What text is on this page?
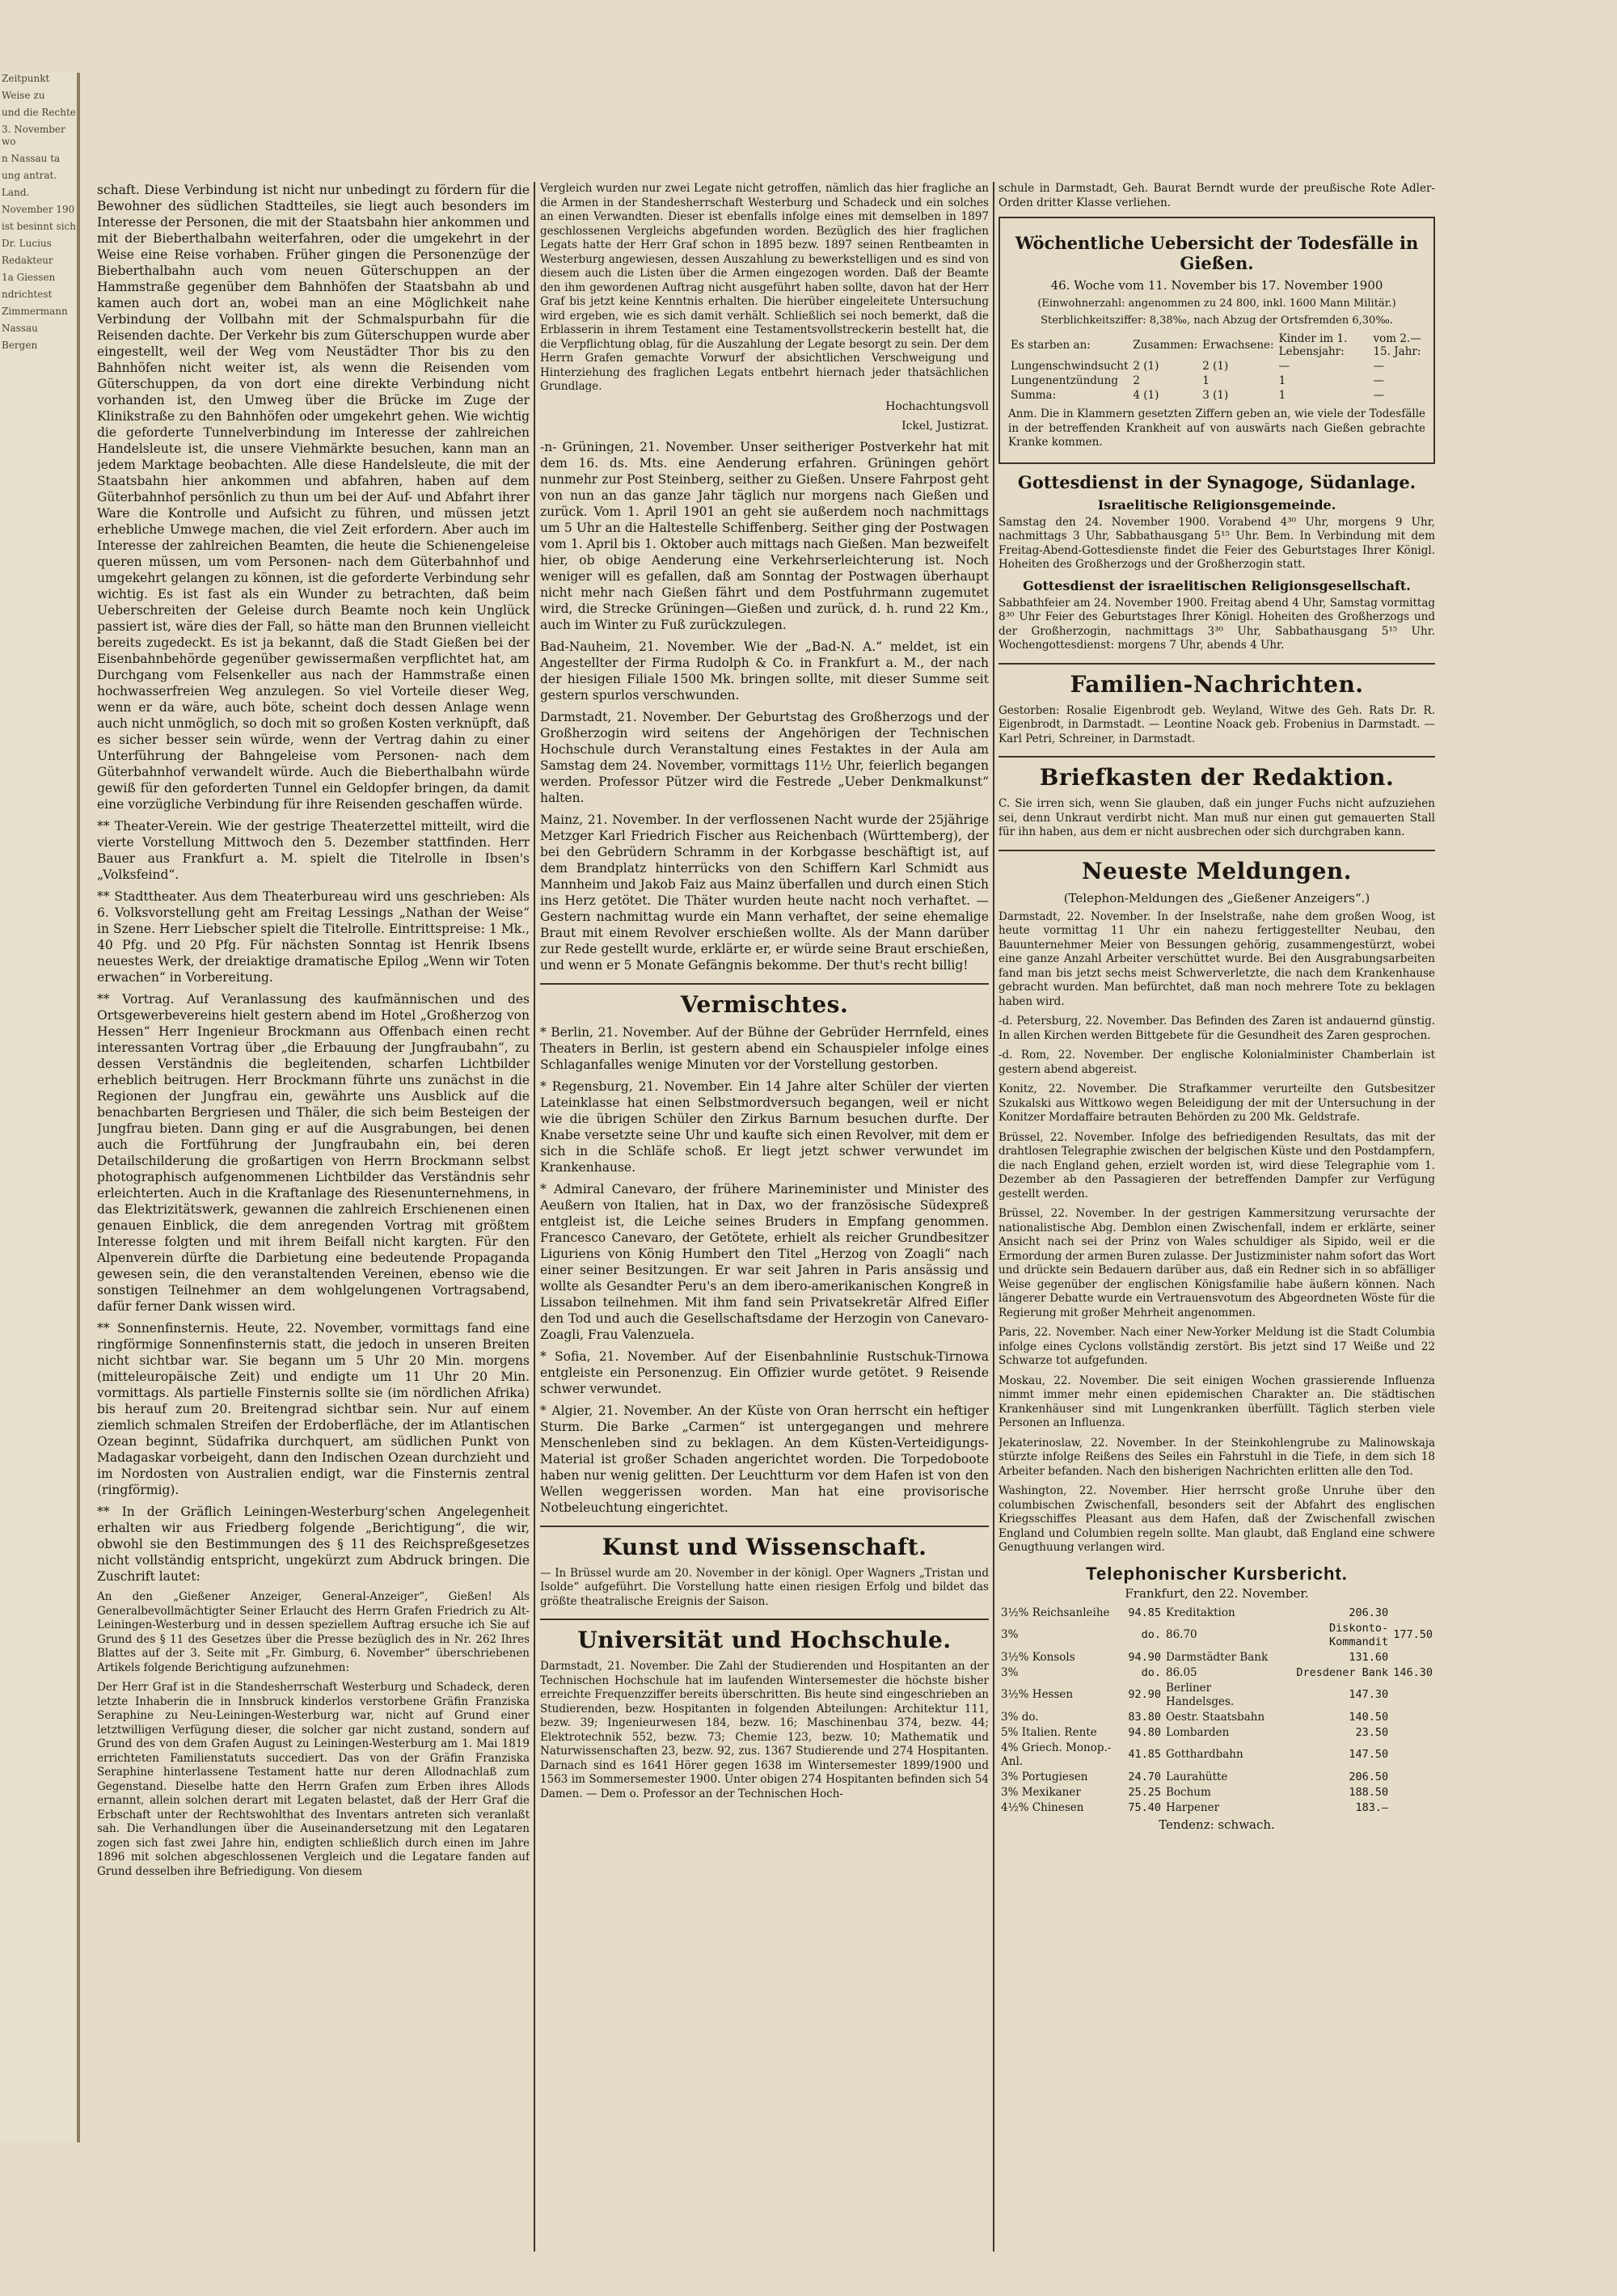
Zeitpunkt

Weise zu

und die Rechte

3. November wo

n Nassau ta

ung antrat.

Land.

November 190

ist besinnt sich

Dr. Lucius

Redakteur

1a Giessen

ndrichtest

Zimmermann

Nassau

Bergen

schaft. Diese Verbindung ist nicht nur unbedingt zu fördern für die Bewohner des südlichen Stadtteiles, sie liegt auch besonders im Interesse der Personen, die mit der Staatsbahn hier ankommen und mit der Bieberthalbahn weiterfahren, oder die umgekehrt in der Weise eine Reise vorhaben. Früher gingen die Personenzüge der Bieberthalbahn auch vom neuen Güterschuppen an der Hammstraße gegenüber dem Bahnhöfen der Staatsbahn ab und kamen auch dort an, wobei man an eine Möglichkeit nahe Verbindung der Vollbahn mit der Schmalspurbahn für die Reisenden dachte. Der Verkehr bis zum Güterschuppen wurde aber eingestellt, weil der Weg vom Neustädter Thor bis zu den Bahnhöfen nicht weiter ist, als wenn die Reisenden vom Güterschuppen, da von dort eine direkte Verbindung nicht vorhanden ist, den Umweg über die Brücke im Zuge der Klinikstraße zu den Bahnhöfen oder umgekehrt gehen. Wie wichtig die geforderte Tunnelverbindung im Interesse der zahlreichen Handelsleute ist, die unsere Viehmärkte besuchen, kann man an jedem Marktage beobachten. Alle diese Handelsleute, die mit der Staatsbahn hier ankommen und abfahren, haben auf dem Güterbahnhof persönlich zu thun um bei der Auf- und Abfahrt ihrer Ware die Kontrolle und Aufsicht zu führen, und müssen jetzt erhebliche Umwege machen, die viel Zeit erfordern. Aber auch im Interesse der zahlreichen Beamten, die heute die Schienengeleise queren müssen, um vom Personen- nach dem Güterbahnhof und umgekehrt gelangen zu können, ist die geforderte Verbindung sehr wichtig. Es ist fast als ein Wunder zu betrachten, daß beim Ueberschreiten der Geleise durch Beamte noch kein Unglück passiert ist, wäre dies der Fall, so hätte man den Brunnen vielleicht bereits zugedeckt. Es ist ja bekannt, daß die Stadt Gießen bei der Eisenbahnbehörde gegenüber gewissermaßen verpflichtet hat, am Durchgang vom Felsenkeller aus nach der Hammstraße einen hochwasserfreien Weg anzulegen. So viel Vorteile dieser Weg, wenn er da wäre, auch böte, scheint doch dessen Anlage wenn auch nicht unmöglich, so doch mit so großen Kosten verknüpft, daß es sicher besser sein würde, wenn der Vertrag dahin zu einer Unterführung der Bahngeleise vom Personen- nach dem Güterbahnhof verwandelt würde. Auch die Bieberthalbahn würde gewiß für den geforderten Tunnel ein Geldopfer bringen, da damit eine vorzügliche Verbindung für ihre Reisenden geschaffen würde.

** Theater-Verein. Wie der gestrige Theaterzettel mitteilt, wird die vierte Vorstellung Mittwoch den 5. Dezember stattfinden. Herr Bauer aus Frankfurt a. M. spielt die Titelrolle in Ibsen's „Volksfeind“.

** Stadttheater. Aus dem Theaterbureau wird uns geschrieben: Als 6. Volksvorstellung geht am Freitag Lessings „Nathan der Weise“ in Szene. Herr Liebscher spielt die Titelrolle. Eintrittspreise: 1 Mk., 40 Pfg. und 20 Pfg. Für nächsten Sonntag ist Henrik Ibsens neuestes Werk, der dreiaktige dramatische Epilog „Wenn wir Toten erwachen“ in Vorbereitung.

** Vortrag. Auf Veranlassung des kaufmännischen und des Ortsgewerbevereins hielt gestern abend im Hotel „Großherzog von Hessen“ Herr Ingenieur Brockmann aus Offenbach einen recht interessanten Vortrag über „die Erbauung der Jungfraubahn“, zu dessen Verständnis die begleitenden, scharfen Lichtbilder erheblich beitrugen. Herr Brockmann führte uns zunächst in die Regionen der Jungfrau ein, gewährte uns Ausblick auf die benachbarten Bergriesen und Thäler, die sich beim Besteigen der Jungfrau bieten. Dann ging er auf die Ausgrabungen, bei denen auch die Fortführung der Jungfraubahn ein, bei deren Detailschilderung die großartigen von Herrn Brockmann selbst photographisch aufgenommenen Lichtbilder das Verständnis sehr erleichterten. Auch in die Kraftanlage des Riesenunternehmens, in das Elektrizitätswerk, gewannen die zahlreich Erschienenen einen genauen Einblick, die dem anregenden Vortrag mit größtem Interesse folgten und mit ihrem Beifall nicht kargten. Für den Alpenverein dürfte die Darbietung eine bedeutende Propaganda gewesen sein, die den veranstaltenden Vereinen, ebenso wie die sonstigen Teilnehmer an dem wohlgelungenen Vortragsabend, dafür ferner Dank wissen wird.

** Sonnenfinsternis. Heute, 22. November, vormittags fand eine ringförmige Sonnenfinsternis statt, die jedoch in unseren Breiten nicht sichtbar war. Sie begann um 5 Uhr 20 Min. morgens (mitteleuropäische Zeit) und endigte um 11 Uhr 20 Min. vormittags. Als partielle Finsternis sollte sie (im nördlichen Afrika) bis herauf zum 20. Breitengrad sichtbar sein. Nur auf einem ziemlich schmalen Streifen der Erdoberfläche, der im Atlantischen Ozean beginnt, Südafrika durchquert, am südlichen Punkt von Madagaskar vorbeigeht, dann den Indischen Ozean durchzieht und im Nordosten von Australien endigt, war die Finsternis zentral (ringförmig).

** In der Gräflich Leiningen-Westerburg'schen Angelegenheit erhalten wir aus Friedberg folgende „Berichtigung“, die wir, obwohl sie den Bestimmungen des § 11 des Reichspreßgesetzes nicht vollständig entspricht, ungekürzt zum Abdruck bringen. Die Zuschrift lautet:

An den „Gießener Anzeiger, General-Anzeiger“, Gießen! Als Generalbevollmächtigter Seiner Erlaucht des Herrn Grafen Friedrich zu Alt-Leiningen-Westerburg und in dessen speziellem Auftrag ersuche ich Sie auf Grund des § 11 des Gesetzes über die Presse bezüglich des in Nr. 262 Ihres Blattes auf der 3. Seite mit „Fr. Gimburg, 6. November“ überschriebenen Artikels folgende Berichtigung aufzunehmen:

Der Herr Graf ist in die Standesherrschaft Westerburg und Schadeck, deren letzte Inhaberin die in Innsbruck kinderlos verstorbene Gräfin Franziska Seraphine zu Neu-Leiningen-Westerburg war, nicht auf Grund einer letztwilligen Verfügung dieser, die solcher gar nicht zustand, sondern auf Grund des von dem Grafen August zu Leiningen-Westerburg am 1. Mai 1819 errichteten Familienstatuts succediert. Das von der Gräfin Franziska Seraphine hinterlassene Testament hatte nur deren Allodnachlaß zum Gegenstand. Dieselbe hatte den Herrn Grafen zum Erben ihres Allods ernannt, allein solchen derart mit Legaten belastet, daß der Herr Graf die Erbschaft unter der Rechtswohlthat des Inventars antreten sich veranlaßt sah. Die Verhandlungen über die Auseinandersetzung mit den Legataren zogen sich fast zwei Jahre hin, endigten schließlich durch einen im Jahre 1896 mit solchen abgeschlossenen Vergleich und die Legatare fanden auf Grund desselben ihre Befriedigung. Von diesem

Vergleich wurden nur zwei Legate nicht getroffen, nämlich das hier fragliche an die Armen in der Standesherrschaft Westerburg und Schadeck und ein solches an einen Verwandten. Dieser ist ebenfalls infolge eines mit demselben in 1897 geschlossenen Vergleichs abgefunden worden. Bezüglich des hier fraglichen Legats hatte der Herr Graf schon in 1895 bezw. 1897 seinen Rentbeamten in Westerburg angewiesen, dessen Auszahlung zu bewerkstelligen und es sind von diesem auch die Listen über die Armen eingezogen worden. Daß der Beamte den ihm gewordenen Auftrag nicht ausgeführt haben sollte, davon hat der Herr Graf bis jetzt keine Kenntnis erhalten. Die hierüber eingeleitete Untersuchung wird ergeben, wie es sich damit verhält. Schließlich sei noch bemerkt, daß die Erblasserin in ihrem Testament eine Testamentsvollstreckerin bestellt hat, die die Verpflichtung oblag, für die Auszahlung der Legate besorgt zu sein. Der dem Herrn Grafen gemachte Vorwurf der absichtlichen Verschweigung und Hinterziehung des fraglichen Legats entbehrt hiernach jeder thatsächlichen Grundlage.

Hochachtungsvoll
Ickel, Justizrat.

-n- Grüningen, 21. November. Unser seitheriger Postverkehr hat mit dem 16. ds. Mts. eine Aenderung erfahren. Grüningen gehört nunmehr zur Post Steinberg, seither zu Gießen. Unsere Fahrpost geht von nun an das ganze Jahr täglich nur morgens nach Gießen und zurück. Vom 1. April 1901 an geht sie außerdem noch nachmittags um 5 Uhr an die Haltestelle Schiffenberg. Seither ging der Postwagen vom 1. April bis 1. Oktober auch mittags nach Gießen. Man bezweifelt hier, ob obige Aenderung eine Verkehrserleichterung ist. Noch weniger will es gefallen, daß am Sonntag der Postwagen überhaupt nicht mehr nach Gießen fährt und dem Postfuhrmann zugemutet wird, die Strecke Grüningen—Gießen und zurück, d. h. rund 22 Km., auch im Winter zu Fuß zurückzulegen.

Bad-Nauheim, 21. November. Wie der „Bad-N. A.“ meldet, ist ein Angestellter der Firma Rudolph & Co. in Frankfurt a. M., der nach der hiesigen Filiale 1500 Mk. bringen sollte, mit dieser Summe seit gestern spurlos verschwunden.

Darmstadt, 21. November. Der Geburtstag des Großherzogs und der Großherzogin wird seitens der Angehörigen der Technischen Hochschule durch Veranstaltung eines Festaktes in der Aula am Samstag dem 24. November, vormittags 11½ Uhr, feierlich begangen werden. Professor Pützer wird die Festrede „Ueber Denkmalkunst“ halten.

Mainz, 21. November. In der verflossenen Nacht wurde der 25jährige Metzger Karl Friedrich Fischer aus Reichenbach (Württemberg), der bei den Gebrüdern Schramm in der Korbgasse beschäftigt ist, auf dem Brandplatz hinterrücks von den Schiffern Karl Schmidt aus Mannheim und Jakob Faiz aus Mainz überfallen und durch einen Stich ins Herz getötet. Die Thäter wurden heute nacht noch verhaftet. — Gestern nachmittag wurde ein Mann verhaftet, der seine ehemalige Braut mit einem Revolver erschießen wollte. Als der Mann darüber zur Rede gestellt wurde, erklärte er, er würde seine Braut erschießen, und wenn er 5 Monate Gefängnis bekomme. Der thut's recht billig!

Vermischtes.

* Berlin, 21. November. Auf der Bühne der Gebrüder Herrnfeld, eines Theaters in Berlin, ist gestern abend ein Schauspieler infolge eines Schlaganfalles wenige Minuten vor der Vorstellung gestorben.

* Regensburg, 21. November. Ein 14 Jahre alter Schüler der vierten Lateinklasse hat einen Selbstmordversuch begangen, weil er nicht wie die übrigen Schüler den Zirkus Barnum besuchen durfte. Der Knabe versetzte seine Uhr und kaufte sich einen Revolver, mit dem er sich in die Schläfe schoß. Er liegt jetzt schwer verwundet im Krankenhause.

* Admiral Canevaro, der frühere Marineminister und Minister des Aeußern von Italien, hat in Dax, wo der französische Südexpreß entgleist ist, die Leiche seines Bruders in Empfang genommen. Francesco Canevaro, der Getötete, erhielt als reicher Grundbesitzer Liguriens von König Humbert den Titel „Herzog von Zoagli“ nach einer seiner Besitzungen. Er war seit Jahren in Paris ansässig und wollte als Gesandter Peru's an dem ibero-amerikanischen Kongreß in Lissabon teilnehmen. Mit ihm fand sein Privatsekretär Alfred Eifler den Tod und auch die Gesellschaftsdame der Herzogin von Canevaro-Zoagli, Frau Valenzuela.

* Sofia, 21. November. Auf der Eisenbahnlinie Rustschuk-Tirnowa entgleiste ein Personenzug. Ein Offizier wurde getötet. 9 Reisende schwer verwundet.

* Algier, 21. November. An der Küste von Oran herrscht ein heftiger Sturm. Die Barke „Carmen“ ist untergegangen und mehrere Menschenleben sind zu beklagen. An dem Küsten-Verteidigungs-Material ist großer Schaden angerichtet worden. Die Torpedoboote haben nur wenig gelitten. Der Leuchtturm vor dem Hafen ist von den Wellen weggerissen worden. Man hat eine provisorische Notbeleuchtung eingerichtet.

Kunst und Wissenschaft.

— In Brüssel wurde am 20. November in der königl. Oper Wagners „Tristan und Isolde“ aufgeführt. Die Vorstellung hatte einen riesigen Erfolg und bildet das größte theatralische Ereignis der Saison.

Universität und Hochschule.

Darmstadt, 21. November. Die Zahl der Studierenden und Hospitanten an der Technischen Hochschule hat im laufenden Wintersemester die höchste bisher erreichte Frequenzziffer bereits überschritten. Bis heute sind eingeschrieben an Studierenden, bezw. Hospitanten in folgenden Abteilungen: Architektur 111, bezw. 39; Ingenieurwesen 184, bezw. 16; Maschinenbau 374, bezw. 44; Elektrotechnik 552, bezw. 73; Chemie 123, bezw. 10; Mathematik und Naturwissenschaften 23, bezw. 92, zus. 1367 Studierende und 274 Hospitanten. Darnach sind es 1641 Hörer gegen 1638 im Wintersemester 1899/1900 und 1563 im Sommersemester 1900. Unter obigen 274 Hospitanten befinden sich 54 Damen. — Dem o. Professor an der Technischen Hoch-

schule in Darmstadt, Geh. Baurat Berndt wurde der preußische Rote Adler-Orden dritter Klasse verliehen.

Wöchentliche Uebersicht der Todesfälle in Gießen.
46. Woche vom 11. November bis 17. November 1900
(Einwohnerzahl: angenommen zu 24 800, inkl. 1600 Mann Militär.)
Sterblichkeitsziffer: 8,38‰, nach Abzug der Ortsfremden 6,30‰.
Es starben an:	Zusammen:	Erwachsene:	Kinder im 1. Lebensjahr:	vom 2.—15. Jahr:
Lungenschwindsucht	2 (1)	2 (1)	—	—
Lungenentzündung	2	1	1	—
Summa:	4 (1)	3 (1)	1	—

Anm. Die in Klammern gesetzten Ziffern geben an, wie viele der Todesfälle in der betreffenden Krankheit auf von auswärts nach Gießen gebrachte Kranke kommen.

Gottesdienst in der Synagoge, Südanlage.
Israelitische Religionsgemeinde.

Samstag den 24. November 1900. Vorabend 4³⁰ Uhr, morgens 9 Uhr, nachmittags 3 Uhr, Sabbathausgang 5¹⁵ Uhr. Bem. In Verbindung mit dem Freitag-Abend-Gottesdienste findet die Feier des Geburtstages Ihrer Königl. Hoheiten des Großherzogs und der Großherzogin statt.

Gottesdienst der israelitischen Religionsgesellschaft.

Sabbathfeier am 24. November 1900. Freitag abend 4 Uhr, Samstag vormittag 8³⁰ Uhr Feier des Geburtstages Ihrer Königl. Hoheiten des Großherzogs und der Großherzogin, nachmittags 3³⁰ Uhr, Sabbathausgang 5¹⁵ Uhr. Wochengottesdienst: morgens 7 Uhr, abends 4 Uhr.

Familien-Nachrichten.

Gestorben: Rosalie Eigenbrodt geb. Weyland, Witwe des Geh. Rats Dr. R. Eigenbrodt, in Darmstadt. — Leontine Noack geb. Frobenius in Darmstadt. — Karl Petri, Schreiner, in Darmstadt.

Briefkasten der Redaktion.

C. Sie irren sich, wenn Sie glauben, daß ein junger Fuchs nicht aufzuziehen sei, denn Unkraut verdirbt nicht. Man muß nur einen gut gemauerten Stall für ihn haben, aus dem er nicht ausbrechen oder sich durchgraben kann.

Neueste Meldungen.
(Telephon-Meldungen des „Gießener Anzeigers“.)

Darmstadt, 22. November. In der Inselstraße, nahe dem großen Woog, ist heute vormittag 11 Uhr ein nahezu fertiggestellter Neubau, den Bauunternehmer Meier von Bessungen gehörig, zusammengestürzt, wobei eine ganze Anzahl Arbeiter verschüttet wurde. Bei den Ausgrabungsarbeiten fand man bis jetzt sechs meist Schwerverletzte, die nach dem Krankenhause gebracht wurden. Man befürchtet, daß man noch mehrere Tote zu beklagen haben wird.

-d. Petersburg, 22. November. Das Befinden des Zaren ist andauernd günstig. In allen Kirchen werden Bittgebete für die Gesundheit des Zaren gesprochen.

-d. Rom, 22. November. Der englische Kolonialminister Chamberlain ist gestern abend abgereist.

Konitz, 22. November. Die Strafkammer verurteilte den Gutsbesitzer Szukalski aus Wittkowo wegen Beleidigung der mit der Untersuchung in der Konitzer Mordaffaire betrauten Behörden zu 200 Mk. Geldstrafe.

Brüssel, 22. November. Infolge des befriedigenden Resultats, das mit der drahtlosen Telegraphie zwischen der belgischen Küste und den Postdampfern, die nach England gehen, erzielt worden ist, wird diese Telegraphie vom 1. Dezember ab den Passagieren der betreffenden Dampfer zur Verfügung gestellt werden.

Brüssel, 22. November. In der gestrigen Kammersitzung verursachte der nationalistische Abg. Demblon einen Zwischenfall, indem er erklärte, seiner Ansicht nach sei der Prinz von Wales schuldiger als Sipido, weil er die Ermordung der armen Buren zulasse. Der Justizminister nahm sofort das Wort und drückte sein Bedauern darüber aus, daß ein Redner sich in so abfälliger Weise gegenüber der englischen Königsfamilie habe äußern können. Nach längerer Debatte wurde ein Vertrauensvotum des Abgeordneten Wöste für die Regierung mit großer Mehrheit angenommen.

Paris, 22. November. Nach einer New-Yorker Meldung ist die Stadt Columbia infolge eines Cyclons vollständig zerstört. Bis jetzt sind 17 Weiße und 22 Schwarze tot aufgefunden.

Moskau, 22. November. Die seit einigen Wochen grassierende Influenza nimmt immer mehr einen epidemischen Charakter an. Die städtischen Krankenhäuser sind mit Lungenkranken überfüllt. Täglich sterben viele Personen an Influenza.

Jekaterinoslaw, 22. November. In der Steinkohlengrube zu Malinowskaja stürzte infolge Reißens des Seiles ein Fahrstuhl in die Tiefe, in dem sich 18 Arbeiter befanden. Nach den bisherigen Nachrichten erlitten alle den Tod.

Washington, 22. November. Hier herrscht große Unruhe über den columbischen Zwischenfall, besonders seit der Abfahrt des englischen Kriegsschiffes Pleasant aus dem Hafen, daß der Zwischenfall zwischen England und Columbien regeln sollte. Man glaubt, daß England eine schwere Genugthuung verlangen wird.

Telephonischer Kursbericht.
Frankfurt, den 22. November.
3½% Reichsanleihe	94.85	Kreditaktion	206.30	
3%	do.	86.70	Diskonto-Kommandit	177.50
3½% Konsols	94.90	Darmstädter Bank	131.60	
3%	do.	86.05	Dresdener Bank	146.30
3½% Hessen	92.90	Berliner Handelsges.	147.30	
3% do.	83.80	Oestr. Staatsbahn	140.50	
5% Italien. Rente	94.80	Lombarden	23.50	
4% Griech. Monop.-Anl.	41.85	Gotthardbahn	147.50	
3% Portugiesen	24.70	Laurahütte	206.50	
3% Mexikaner	25.25	Bochum	188.50	
4½% Chinesen	75.40	Harpener	183.—	
Tendenz: schwach.
